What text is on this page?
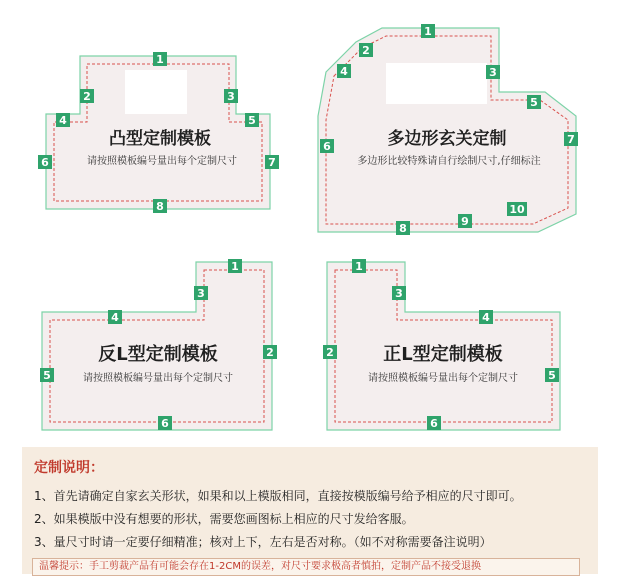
凸型定制模板
请按照模板编号量出每个定制尺寸
1
2	3
4	5
6	7
8
多边形玄关定制
多边形比较特殊请自行绘制尺寸,仔细标注
1
2
3
4
5
6
7
8
9
10
反L型定制模板
请按照模板编号量出每个定制尺寸
1
2
3
4
5
6
正L型定制模板
请按照模板编号量出每个定制尺寸
1
2
3
4
5
6
定制说明：
1、首先请确定自家玄关形状，如果和以上模版相同，直接按模版编号给予相应的尺寸即可。
2、如果模版中没有想要的形状，需要您画图标上相应的尺寸发给客服。
3、量尺寸时请一定要仔细精准；核对上下，左右是否对称。（如不对称需要备注说明）
温馨提示：手工剪裁产品有可能会存在1-2CM的误差，对尺寸要求极高者慎拍，定制产品不接受退换
